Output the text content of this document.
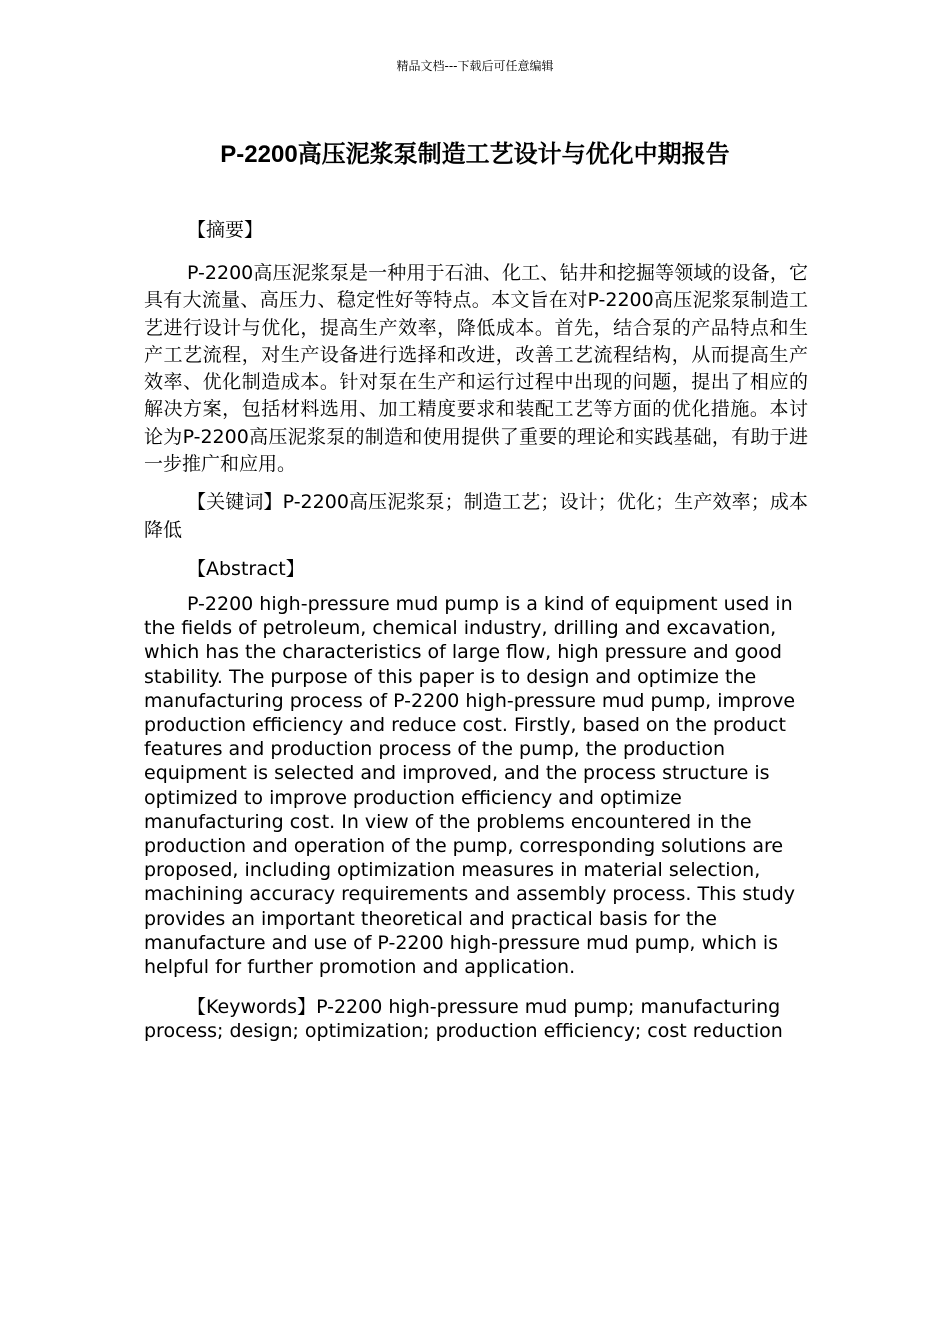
精品文档---下载后可任意编辑
P-2200高压泥浆泵制造工艺设计与优化中期报告

【摘要】

P-2200高压泥浆泵是一种用于石油、化工、钻井和挖掘等领域的设备，它具有大流量、高压力、稳定性好等特点。本文旨在对P-2200高压泥浆泵制造工艺进行设计与优化，提高生产效率，降低成本。首先，结合泵的产品特点和生产工艺流程，对生产设备进行选择和改进，改善工艺流程结构，从而提高生产效率、优化制造成本。针对泵在生产和运行过程中出现的问题，提出了相应的解决方案，包括材料选用、加工精度要求和装配工艺等方面的优化措施。本讨论为P-2200高压泥浆泵的制造和使用提供了重要的理论和实践基础，有助于进一步推广和应用。

【关键词】P-2200高压泥浆泵；制造工艺；设计；优化；生产效率；成本降低

【Abstract】

P-2200 high-pressure mud pump is a kind of equipment used in the fields of petroleum, chemical industry, drilling and excavation, which has the characteristics of large flow, high pressure and good stability. The purpose of this paper is to design and optimize the manufacturing process of P-2200 high-pressure mud pump, improve production efficiency and reduce cost. Firstly, based on the product features and production process of the pump, the production equipment is selected and improved, and the process structure is optimized to improve production efficiency and optimize manufacturing cost. In view of the problems encountered in the production and operation of the pump, corresponding solutions are proposed, including optimization measures in material selection, machining accuracy requirements and assembly process. This study provides an important theoretical and practical basis for the manufacture and use of P-2200 high-pressure mud pump, which is helpful for further promotion and application.

【Keywords】P-2200 high-pressure mud pump; manufacturing process; design; optimization; production efficiency; cost reduction
